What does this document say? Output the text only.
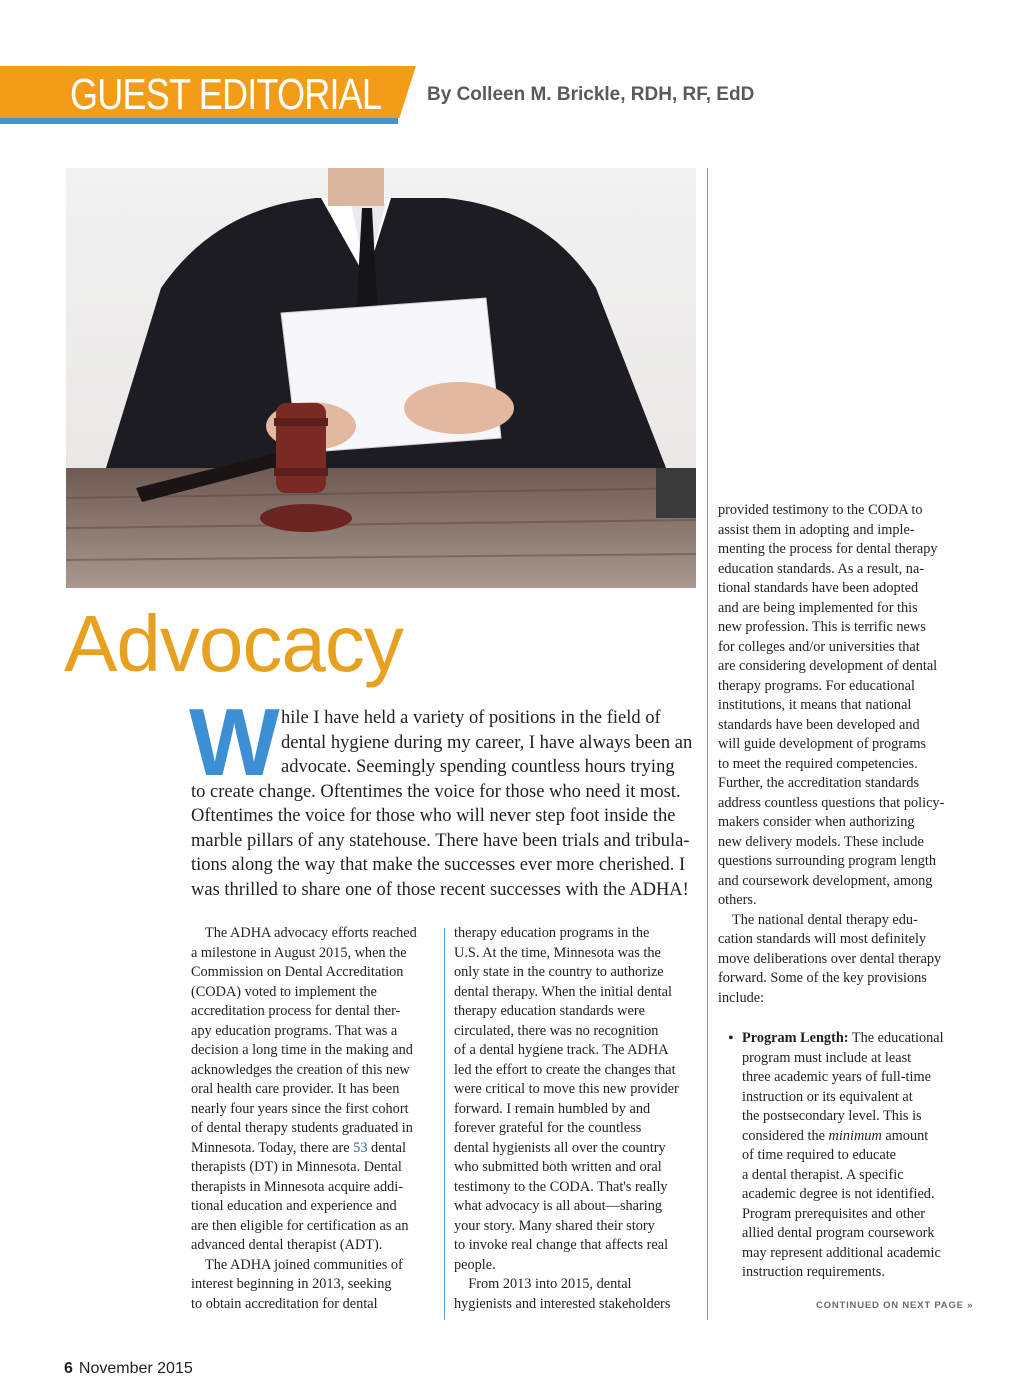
GUEST EDITORIAL By Colleen M. Brickle, RDH, RF, EdD
Advocacy
W hile I have held a variety of positions in the field of
dental hygiene during my career, I have always been an
advocate. Seemingly spending countless hours trying
to create change. Oftentimes the voice for those who need it most.
Oftentimes the voice for those who will never step foot inside the
marble pillars of any statehouse. There have been trials and tribula-
tions along the way that make the successes ever more cherished. I
was thrilled to share one of those recent successes with the ADHA!
The ADHA advocacy efforts reached
a milestone in August 2015, when the
Commission on Dental Accreditation
(CODA) voted to implement the
accreditation process for dental ther-
apy education programs. That was a
decision a long time in the making and
acknowledges the creation of this new
oral health care provider. It has been
nearly four years since the first cohort
of dental therapy students graduated in
Minnesota. Today, there are 53 dental
therapists (DT) in Minnesota. Dental
therapists in Minnesota acquire addi-
tional education and experience and
are then eligible for certification as an
advanced dental therapist (ADT).
The ADHA joined communities of
interest beginning in 2013, seeking
to obtain accreditation for dental
therapy education programs in the
U.S. At the time, Minnesota was the
only state in the country to authorize
dental therapy. When the initial dental
therapy education standards were
circulated, there was no recognition
of a dental hygiene track. The ADHA
led the effort to create the changes that
were critical to move this new provider
forward. I remain humbled by and
forever grateful for the countless
dental hygienists all over the country
who submitted both written and oral
testimony to the CODA. That's really
what advocacy is all about—sharing
your story. Many shared their story
to invoke real change that affects real
people.
From 2013 into 2015, dental
hygienists and interested stakeholders
provided testimony to the CODA to
assist them in adopting and imple-
menting the process for dental therapy
education standards. As a result, na-
tional standards have been adopted
and are being implemented for this
new profession. This is terrific news
for colleges and/or universities that
are considering development of dental
therapy programs. For educational
institutions, it means that national
standards have been developed and
will guide development of programs
to meet the required competencies.
Further, the accreditation standards
address countless questions that policy-
makers consider when authorizing
new delivery models. These include
questions surrounding program length
and coursework development, among
others.
The national dental therapy edu-
cation standards will most definitely
move deliberations over dental therapy
forward. Some of the key provisions
include:
• Program Length: The educational
program must include at least
three academic years of full-time
instruction or its equivalent at
the postsecondary level. This is
considered the minimum amount
of time required to educate
a dental therapist. A specific
academic degree is not identified.
Program prerequisites and other
allied dental program coursework
may represent additional academic
instruction requirements.
CONTINUED ON NEXT PAGE »
6 November 2015
